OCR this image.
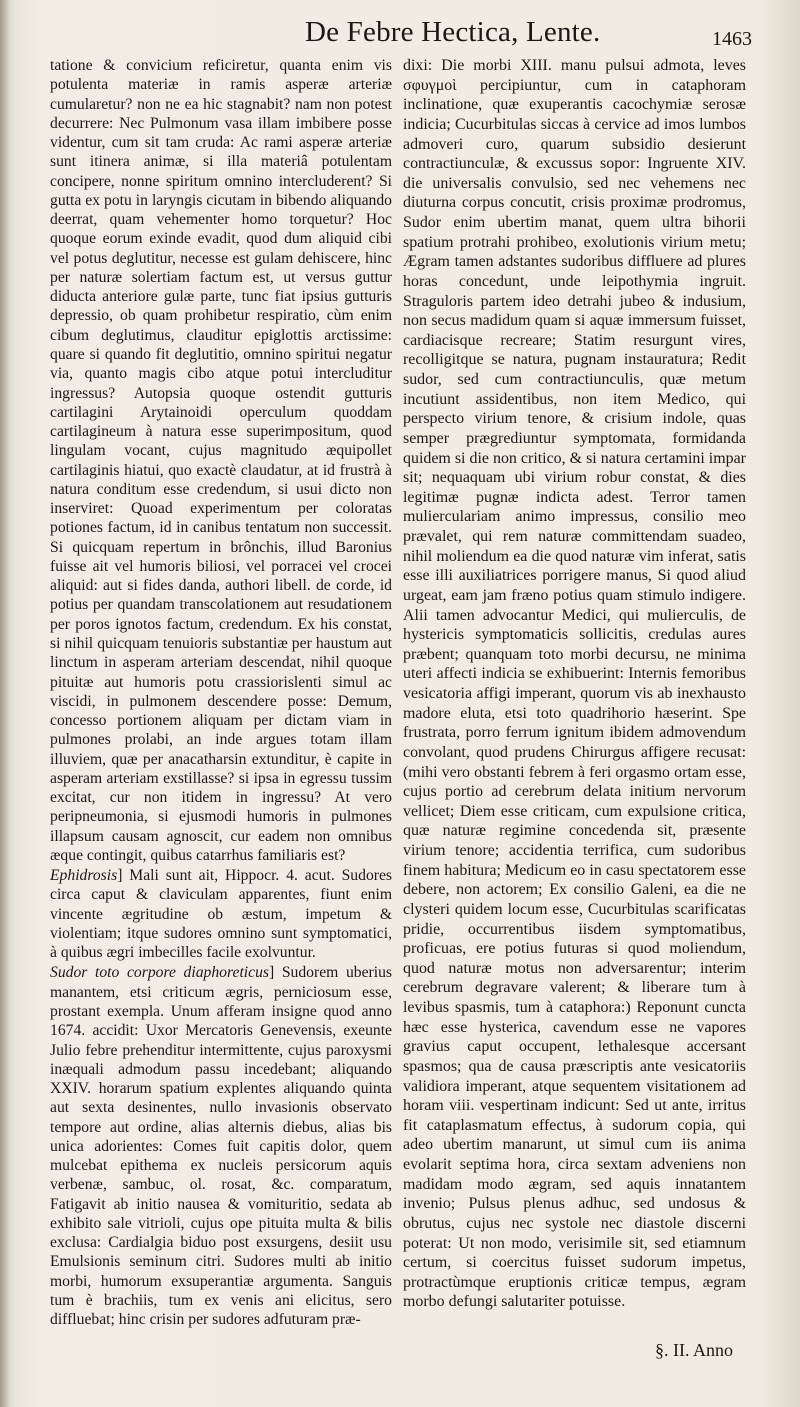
De Febre Hectica, Lente.	1463

tatione & convicium reficiretur, quanta enim vis potulenta materiæ in ramis asperæ arteriæ cumularetur? non ne ea hic stagnabit? nam non potest decurrere: Nec Pulmonum vasa illam imbibere posse videntur, cum sit tam cruda: Ac rami asperæ arteriæ sunt itinera animæ, si illa materiâ potulentam concipere, nonne spiritum omnino intercluderent? Si gutta ex potu in laryngis cicutam in bibendo aliquando deerrat, quam vehementer homo torquetur? Hoc quoque eorum exinde evadit, quod dum aliquid cibi vel potus deglutitur, necesse est gulam dehiscere, hinc per naturæ solertiam factum est, ut versus guttur diducta anteriore gulæ parte, tunc fiat ipsius gutturis depressio, ob quam prohibetur respiratio, cùm enim cibum deglutimus, clauditur epiglottis arctissime: quare si quando fit deglutitio, omnino spiritui negatur via, quanto magis cibo atque potui intercluditur ingressus? Autopsia quoque ostendit gutturis cartilagini Arytainoidi operculum quoddam cartilagineum à natura esse superimpositum, quod lingulam vocant, cujus magnitudo æquipollet cartilaginis hiatui, quo exactè claudatur, at id frustrà à natura conditum esse credendum, si usui dicto non inserviret: Quoad experimentum per coloratas potiones factum, id in canibus tentatum non successit. Si quicquam repertum in brônchis, illud Baronius fuisse ait vel humoris biliosi, vel porracei vel crocei aliquid: aut si fides danda, authori libell. de corde, id potius per quandam transcolationem aut resudationem per poros ignotos factum, credendum. Ex his constat, si nihil quicquam tenuioris substantiæ per haustum aut linctum in asperam arteriam descendat, nihil quoque pituitæ aut humoris potu crassiorislenti simul ac viscidi, in pulmonem descendere posse: Demum, concesso portionem aliquam per dictam viam in pulmones prolabi, an inde argues totam illam illuviem, quæ per anacatharsin extunditur, è capite in asperam arteriam exstillasse? si ipsa in egressu tussim excitat, cur non itidem in ingressu? At vero peripneumonia, si ejusmodi humoris in pulmones illapsum causam agnoscit, cur eadem non omnibus æque contingit, quibus catarrhus familiaris est?

Ephidrosis] Mali sunt ait, Hippocr. 4. acut. Sudores circa caput & claviculam apparentes, fiunt enim vincente ægritudine ob æstum, impetum & violentiam; itque sudores omnino sunt symptomatici, à quibus ægri imbecilles facile exolvuntur.

Sudor toto corpore diaphoreticus] Sudorem uberius manantem, etsi criticum ægris, perniciosum esse, prostant exempla. Unum afferam insigne quod anno 1674. accidit: Uxor Mercatoris Genevensis, exeunte Julio febre prehenditur intermittente, cujus paroxysmi inæquali admodum passu incedebant; aliquando XXIV. horarum spatium explentes aliquando quinta aut sexta desinentes, nullo invasionis observato tempore aut ordine, alias alternis diebus, alias bis unica adorientes: Comes fuit capitis dolor, quem mulcebat epithema ex nucleis persicorum aquis verbenæ, sambuc, ol. rosat, &c. comparatum, Fatigavit ab initio nausea & vomituritio, sedata ab exhibito sale vitrioli, cujus ope pituita multa & bilis exclusa: Cardialgia biduo post exsurgens, desiit usu Emulsionis seminum citri. Sudores multi ab initio morbi, humorum exsuperantiæ argumenta. Sanguis tum è brachiis, tum ex venis ani elicitus, sero diffluebat; hinc crisin per sudores adfuturam præ-

dixi: Die morbi XIII. manu pulsui admota, leves σφυγμοὶ percipiuntur, cum in cataphoram inclinatione, quæ exuperantis cacochymiæ serosæ indicia; Cucurbitulas siccas à cervice ad imos lumbos admoveri curo, quarum subsidio desierunt contractiunculæ, & excussus sopor: Ingruente XIV. die universalis convulsio, sed nec vehemens nec diuturna corpus concutit, crisis proximæ prodromus, Sudor enim ubertim manat, quem ultra bihorii spatium protrahi prohibeo, exolutionis virium metu; Ægram tamen adstantes sudoribus diffluere ad plures horas concedunt, unde leipothymia ingruit. Straguloris partem ideo detrahi jubeo & indusium, non secus madidum quam si aquæ immersum fuisset, cardiacisque recreare; Statim resurgunt vires, recolligitque se natura, pugnam instauratura; Redit sudor, sed cum contractiunculis, quæ metum incutiunt assidentibus, non item Medico, qui perspecto virium tenore, & crisium indole, quas semper prægrediuntur symptomata, formidanda quidem si die non critico, & si natura certamini impar sit; nequaquam ubi virium robur constat, & dies legitimæ pugnæ indicta adest. Terror tamen mulierculariam animo impressus, consilio meo prævalet, qui rem naturæ committendam suadeo, nihil moliendum ea die quod naturæ vim inferat, satis esse illi auxiliatrices porrigere manus, Si quod aliud urgeat, eam jam fræno potius quam stimulo indigere. Alii tamen advocantur Medici, qui mulierculis, de hystericis symptomaticis sollicitis, credulas aures præbent; quanquam toto morbi decursu, ne minima uteri affecti indicia se exhibuerint: Internis femoribus vesicatoria affigi imperant, quorum vis ab inexhausto madore eluta, etsi toto quadrihorio hæserint. Spe frustrata, porro ferrum ignitum ibidem admovendum convolant, quod prudens Chirurgus affigere recusat: (mihi vero obstanti febrem à feri orgasmo ortam esse, cujus portio ad cerebrum delata initium nervorum vellicet; Diem esse criticam, cum expulsione critica, quæ naturæ regimine concedenda sit, præsente virium tenore; accidentia terrifica, cum sudoribus finem habitura; Medicum eo in casu spectatorem esse debere, non actorem; Ex consilio Galeni, ea die ne clysteri quidem locum esse, Cucurbitulas scarificatas pridie, occurrentibus iisdem symptomatibus, proficuas, ere potius futuras si quod moliendum, quod naturæ motus non adversarentur; interim cerebrum degravare valerent; & liberare tum à levibus spasmis, tum à cataphora:) Reponunt cuncta hæc esse hysterica, cavendum esse ne vapores gravius caput occupent, lethalesque accersant spasmos; qua de causa præscriptis ante vesicatoriis validiora imperant, atque sequentem visitationem ad horam viii. vespertinam indicunt: Sed ut ante, irritus fit cataplasmatum effectus, à sudorum copia, qui adeo ubertim manarunt, ut simul cum iis anima evolarit septima hora, circa sextam adveniens non madidam modo ægram, sed aquis innatantem invenio; Pulsus plenus adhuc, sed undosus & obrutus, cujus nec systole nec diastole discerni poterat: Ut non modo, verisimile sit, sed etiamnum certum, si coercitus fuisset sudorum impetus, protractùmque eruptionis criticæ tempus, ægram morbo defungi salutariter potuisse.

§. II. Anno
